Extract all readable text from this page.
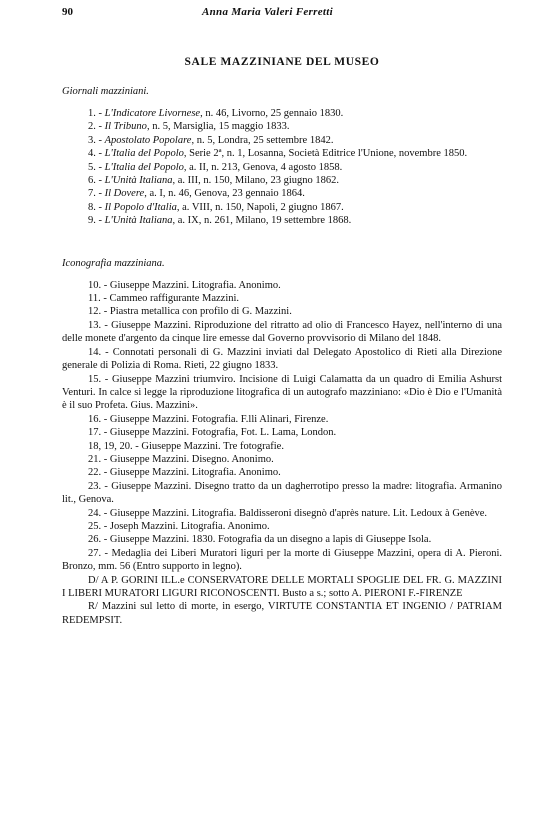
90	Anna Maria Valeri Ferretti
SALE MAZZINIANE DEL MUSEO
Giornali mazziniani.

1. - L'Indicatore Livornese, n. 46, Livorno, 25 gennaio 1830.

2. - Il Tribuno, n. 5, Marsiglia, 15 maggio 1833.

3. - Apostolato Popolare, n. 5, Londra, 25 settembre 1842.

4. - L'Italia del Popolo, Serie 2ª, n. 1, Losanna, Società Editrice l'Unione, novembre 1850.

5. - L'Italia del Popolo, a. II, n. 213, Genova, 4 agosto 1858.

6. - L'Unità Italiana, a. III, n. 150, Milano, 23 giugno 1862.

7. - Il Dovere, a. I, n. 46, Genova, 23 gennaio 1864.

8. - Il Popolo d'Italia, a. VIII, n. 150, Napoli, 2 giugno 1867.

9. - L'Unità Italiana, a. IX, n. 261, Milano, 19 settembre 1868.

Iconografia mazziniana.

10. - Giuseppe Mazzini. Litografia. Anonimo.

11. - Cammeo raffigurante Mazzini.

12. - Piastra metallica con profilo di G. Mazzini.

13. - Giuseppe Mazzini. Riproduzione del ritratto ad olio di Francesco Hayez, nell'interno di una delle monete d'argento da cinque lire emesse dal Governo provvisorio di Milano del 1848.

14. - Connotati personali di G. Mazzini inviati dal Delegato Apostolico di Rieti alla Direzione generale di Polizia di Roma. Rieti, 22 giugno 1833.

15. - Giuseppe Mazzini triumviro. Incisione di Luigi Calamatta da un quadro di Emilia Ashurst Venturi. In calce si legge la riproduzione litografica di un autografo mazziniano: «Dio è Dio e l'Umanità è il suo Profeta. Gius. Mazzini».

16. - Giuseppe Mazzini. Fotografia. F.lli Alinari, Firenze.

17. - Giuseppe Mazzini. Fotografia, Fot. L. Lama, London.

18, 19, 20. - Giuseppe Mazzini. Tre fotografie.

21. - Giuseppe Mazzini. Disegno. Anonimo.

22. - Giuseppe Mazzini. Litografia. Anonimo.

23. - Giuseppe Mazzini. Disegno tratto da un dagherrotipo presso la madre: litografia. Armanino lit., Genova.

24. - Giuseppe Mazzini. Litografia. Baldisseroni disegnò d'après nature. Lit. Ledoux à Genève.

25. - Joseph Mazzini. Litografia. Anonimo.

26. - Giuseppe Mazzini. 1830. Fotografia da un disegno a lapis di Giuseppe Isola.

27. - Medaglia dei Liberi Muratori liguri per la morte di Giuseppe Mazzini, opera di A. Pieroni. Bronzo, mm. 56 (Entro supporto in legno).

D/ A P. GORINI ILL.e CONSERVATORE DELLE MORTALI SPOGLIE DEL FR. G. MAZZINI I LIBERI MURATORI LIGURI RICONOSCENTI. Busto a s.; sotto A. PIERONI F.-FIRENZE

R/ Mazzini sul letto di morte, in esergo, VIRTUTE CONSTANTIA ET INGENIO / PATRIAM REDEMPSIT.
